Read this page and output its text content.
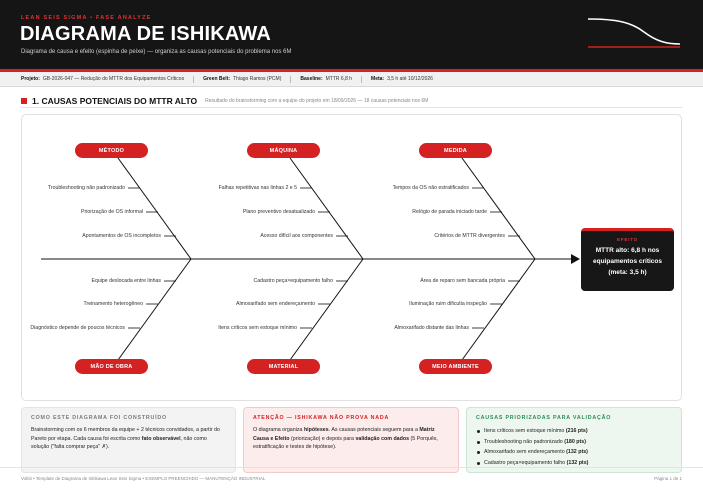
LEAN SEIS SIGMA • FASE ANALYZE
DIAGRAMA DE ISHIKAWA
Diagrama de causa e efeito (espinha de peixe) — organiza as causas potenciais do problema nos 6M
Projeto: GB-2026-047 — Redução do MTTR dos Equipamentos Críticos	Green Belt: Thiago Ramos (PCM)	Baseline: MTTR 6,8 h	Meta: 3,5 h até 10/12/2026
1. CAUSAS POTENCIAIS DO MTTR ALTO Resultado do brainstorming com a equipe do projeto em 18/09/2026 — 18 causas potenciais nos 6M
MÉTODO	MÁQUINA	MEDIDA
MÃO DE OBRA	MATERIAL	MEIO AMBIENTE
Troubleshooting não padronizado
Priorização de OS informal
Apontamentos de OS incompletos
Falhas repetitivas nas linhas 2 e 5
Plano preventivo desatualizado
Acesso difícil aos componentes
Tempos da OS não estratificados
Relógio de parada iniciado tarde
Critérios de MTTR divergentes
Equipe deslocada entre linhas
Treinamento heterogêneo
Diagnóstico depende de poucos técnicos
Cadastro peça×equipamento falho
Almoxarifado sem endereçamento
Itens críticos sem estoque mínimo
Área de reparo sem bancada própria
Iluminação ruim dificulta inspeção
Almoxarifado distante das linhas
EFEITO
MTTR alto: 6,8 h nos equipamentos críticos (meta: 3,5 h)
COMO ESTE DIAGRAMA FOI CONSTRUÍDO
Brainstorming com os 6 membros da equipe + 2 técnicos convidados, a partir do Pareto por etapa. Cada causa foi escrita como fato observável, não como solução ("falta comprar peça" ✗).
ATENÇÃO — ISHIKAWA NÃO PROVA NADA
O diagrama organiza hipóteses. As causas potenciais seguem para a Matriz Causa e Efeito (priorização) e depois para validação com dados (5 Porquês, estratificação e testes de hipótese).
CAUSAS PRIORIZADAS PARA VALIDAÇÃO
Itens críticos sem estoque mínimo (216 pts)
Troubleshooting não padronizado (180 pts)
Almoxarifado sem endereçamento (132 pts)
Cadastro peça×equipamento falho (132 pts)
Voltiti • Template de Diagrama de Ishikawa Lean Seis Sigma • EXEMPLO PREENCHIDO — MANUTENÇÃO INDUSTRIAL	Página 1 de 1
